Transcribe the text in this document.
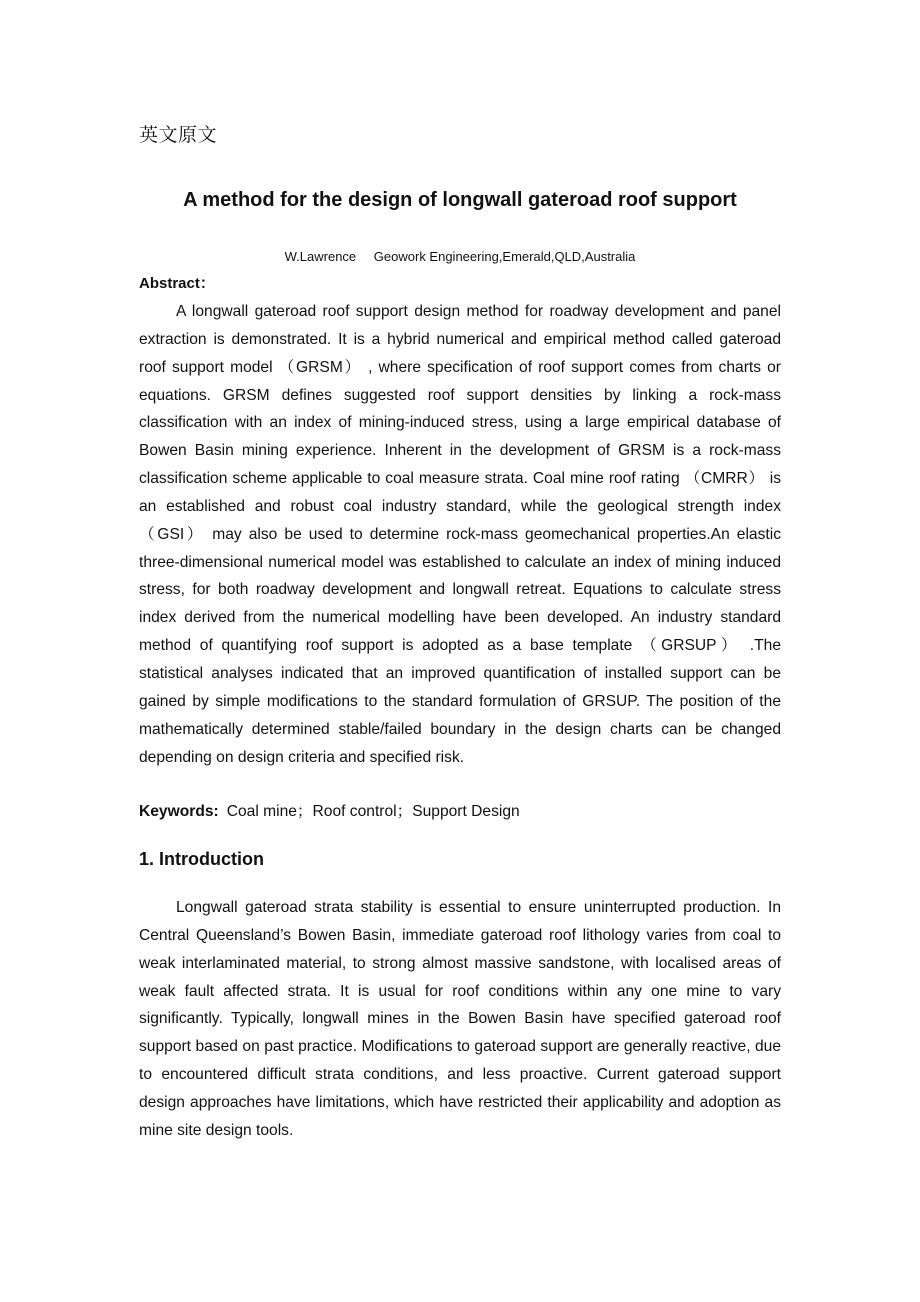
英文原文
A method for the design of longwall gateroad roof support
W.Lawrence Geowork Engineering,Emerald,QLD,Australia
Abstract：

A longwall gateroad roof support design method for roadway development and panel extraction is demonstrated. It is a hybrid numerical and empirical method called gateroad roof support model （GRSM） , where specification of roof support comes from charts or equations. GRSM defines suggested roof support densities by linking a rock-mass classification with an index of mining-induced stress, using a large empirical database of Bowen Basin mining experience. Inherent in the development of GRSM is a rock-mass classification scheme applicable to coal measure strata. Coal mine roof rating （CMRR） is an established and robust coal industry standard, while the geological strength index （GSI） may also be used to determine rock-mass geomechanical properties.An elastic three-dimensional numerical model was established to calculate an index of mining induced stress, for both roadway development and longwall retreat. Equations to calculate stress index derived from the numerical modelling have been developed. An industry standard method of quantifying roof support is adopted as a base template （GRSUP） .The statistical analyses indicated that an improved quantification of installed support can be gained by simple modifications to the standard formulation of GRSUP. The position of the mathematically determined stable/failed boundary in the design charts can be changed depending on design criteria and specified risk.

Keywords: Coal mine；Roof control；Support Design
1. Introduction

Longwall gateroad strata stability is essential to ensure uninterrupted production. In Central Queensland’s Bowen Basin, immediate gateroad roof lithology varies from coal to weak interlaminated material, to strong almost massive sandstone, with localised areas of weak fault affected strata. It is usual for roof conditions within any one mine to vary significantly. Typically, longwall mines in the Bowen Basin have specified gateroad roof support based on past practice. Modifications to gateroad support are generally reactive, due to encountered difficult strata conditions, and less proactive. Current gateroad support design approaches have limitations, which have restricted their applicability and adoption as mine site design tools.
